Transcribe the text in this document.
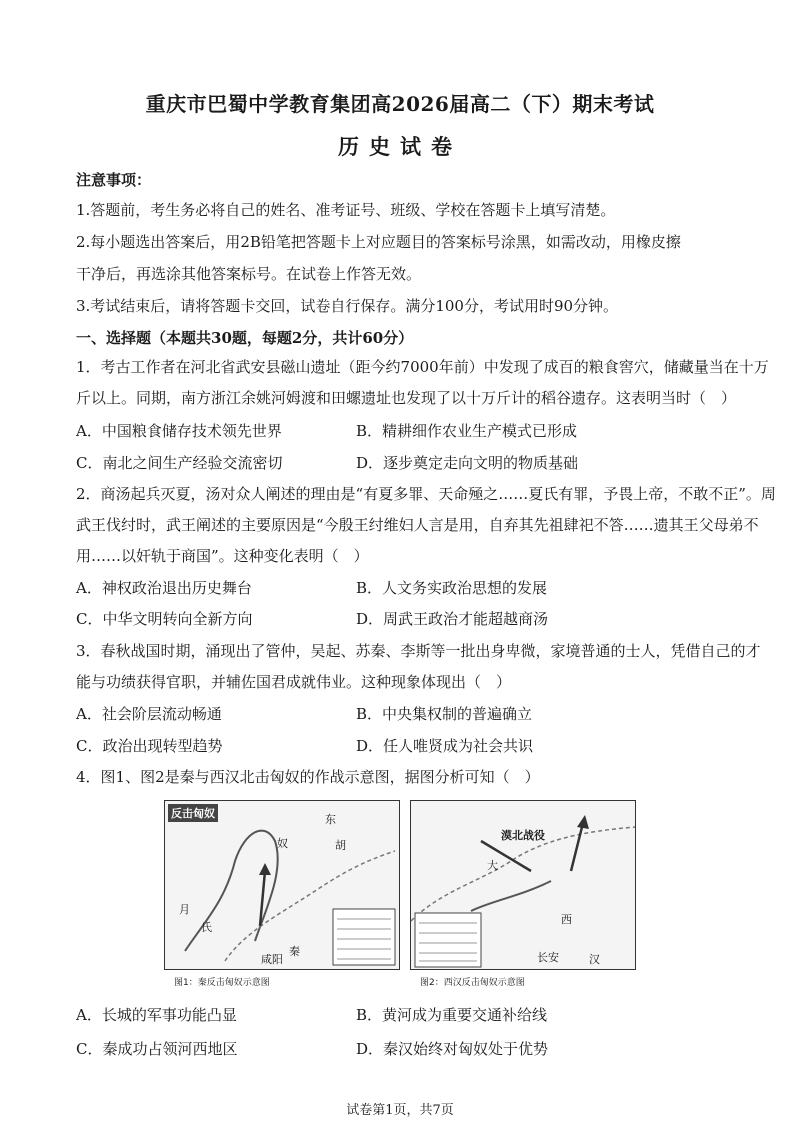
重庆市巴蜀中学教育集团高2026届高二（下）期末考试
历史试卷
注意事项：
1.答题前，考生务必将自己的姓名、准考证号、班级、学校在答题卡上填写清楚。
2.每小题选出答案后，用2B铅笔把答题卡上对应题目的答案标号涂黑，如需改动，用橡皮擦
干净后，再选涂其他答案标号。在试卷上作答无效。
3.考试结束后，请将答题卡交回，试卷自行保存。满分100分，考试用时90分钟。
一、选择题（本题共30题，每题2分，共计60分）
1．考古工作者在河北省武安县磁山遗址（距今约7000年前）中发现了成百的粮食窖穴，储藏量当在十万
斤以上。同期，南方浙江余姚河姆渡和田螺遗址也发现了以十万斤计的稻谷遗存。这表明当时（　）
A．中国粮食储存技术领先世界	B．精耕细作农业生产模式已形成
C．南北之间生产经验交流密切	D．逐步奠定走向文明的物质基础
2．商汤起兵灭夏，汤对众人阐述的理由是“有夏多罪、天命殛之……夏氏有罪，予畏上帝，不敢不正”。周
武王伐纣时，武王阐述的主要原因是“今殷王纣维妇人言是用，自弃其先祖肆祀不答……遗其王父母弟不
用……以奸轨于商国”。这种变化表明（　）
A．神权政治退出历史舞台	B．人文务实政治思想的发展
C．中华文明转向全新方向	D．周武王政治才能超越商汤
3．春秋战国时期，涌现出了管仲，吴起、苏秦、李斯等一批出身卑微，家境普通的士人，凭借自己的才
能与功绩获得官职，并辅佐国君成就伟业。这种现象体现出（　）
A．社会阶层流动畅通	B．中央集权制的普遍确立
C．政治出现转型趋势	D．任人唯贤成为社会共识
4．图1、图2是秦与西汉北击匈奴的作战示意图，据图分析可知（　）
反击匈奴	东
奴	胡
月
氏
秦
咸阳
漠北战役
大
西
汉
长安
图1：秦反击匈奴示意图	图2：西汉反击匈奴示意图
A．长城的军事功能凸显	B．黄河成为重要交通补给线
C．秦成功占领河西地区	D．秦汉始终对匈奴处于优势
试卷第1页，共7页
